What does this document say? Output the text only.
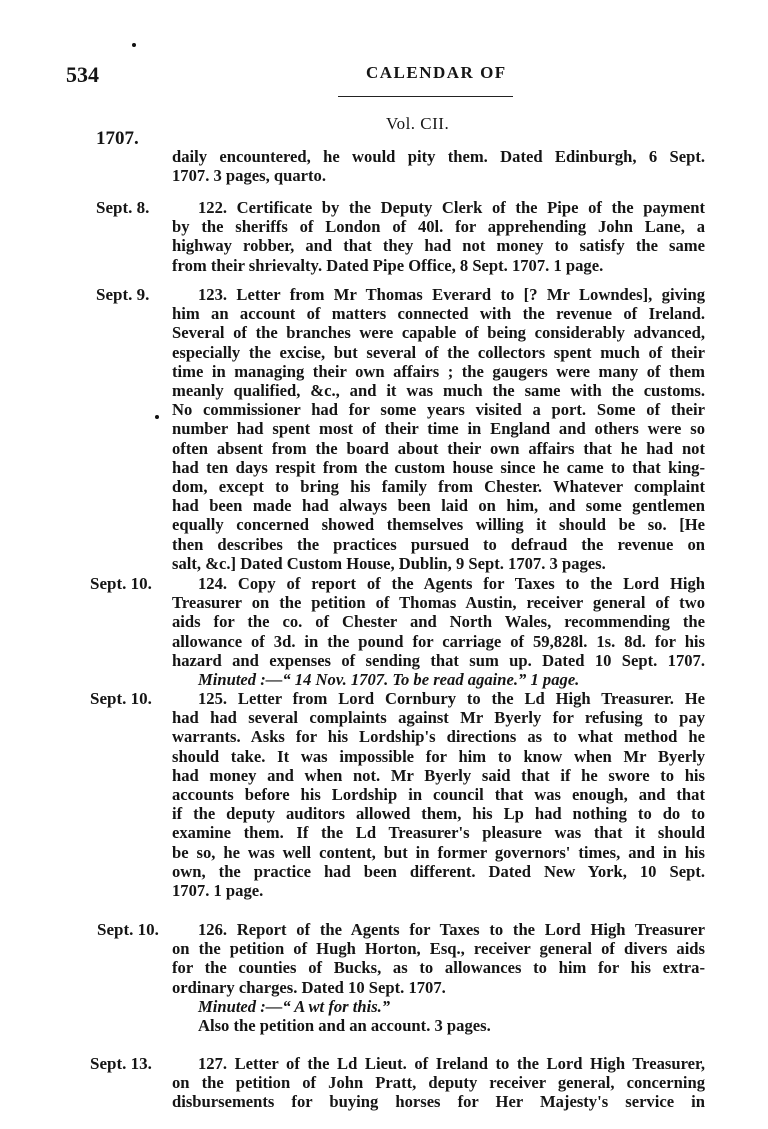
534	CALENDAR OF
Vol. CII.
1707.
daily encountered, he would pity them. Dated Edinburgh, 6 Sept.
1707. 3 pages, quarto.
Sept. 8.	122. Certificate by the Deputy Clerk of the Pipe of the payment
by the sheriffs of London of 40l. for apprehending John Lane, a
highway robber, and that they had not money to satisfy the same
from their shrievalty. Dated Pipe Office, 8 Sept. 1707. 1 page.
Sept. 9.	123. Letter from Mr Thomas Everard to [? Mr Lowndes], giving
him an account of matters connected with the revenue of Ireland.
Several of the branches were capable of being considerably advanced,
especially the excise, but several of the collectors spent much of their
time in managing their own affairs ; the gaugers were many of them
meanly qualified, &c., and it was much the same with the customs.
No commissioner had for some years visited a port. Some of their
number had spent most of their time in England and others were so
often absent from the board about their own affairs that he had not
had ten days respit from the custom house since he came to that king-
dom, except to bring his family from Chester. Whatever complaint
had been made had always been laid on him, and some gentlemen
equally concerned showed themselves willing it should be so. [He
then describes the practices pursued to defraud the revenue on
salt, &c.] Dated Custom House, Dublin, 9 Sept. 1707. 3 pages.
Sept. 10.	124. Copy of report of the Agents for Taxes to the Lord High
Treasurer on the petition of Thomas Austin, receiver general of two
aids for the co. of Chester and North Wales, recommending the
allowance of 3d. in the pound for carriage of 59,828l. 1s. 8d. for his
hazard and expenses of sending that sum up. Dated 10 Sept. 1707.
Minuted :—“ 14 Nov. 1707. To be read againe.” 1 page.
Sept. 10.	125. Letter from Lord Cornbury to the Ld High Treasurer. He
had had several complaints against Mr Byerly for refusing to pay
warrants. Asks for his Lordship's directions as to what method he
should take. It was impossible for him to know when Mr Byerly
had money and when not. Mr Byerly said that if he swore to his
accounts before his Lordship in council that was enough, and that
if the deputy auditors allowed them, his Lp had nothing to do to
examine them. If the Ld Treasurer's pleasure was that it should
be so, he was well content, but in former governors' times, and in his
own, the practice had been different. Dated New York, 10 Sept.
1707. 1 page.
Sept. 10.	126. Report of the Agents for Taxes to the Lord High Treasurer
on the petition of Hugh Horton, Esq., receiver general of divers aids
for the counties of Bucks, as to allowances to him for his extra-
ordinary charges. Dated 10 Sept. 1707.
Minuted :—“ A wt for this.”
Also the petition and an account. 3 pages.
Sept. 13.	127. Letter of the Ld Lieut. of Ireland to the Lord High Treasurer,
on the petition of John Pratt, deputy receiver general, concerning
disbursements for buying horses for Her Majesty's service in
